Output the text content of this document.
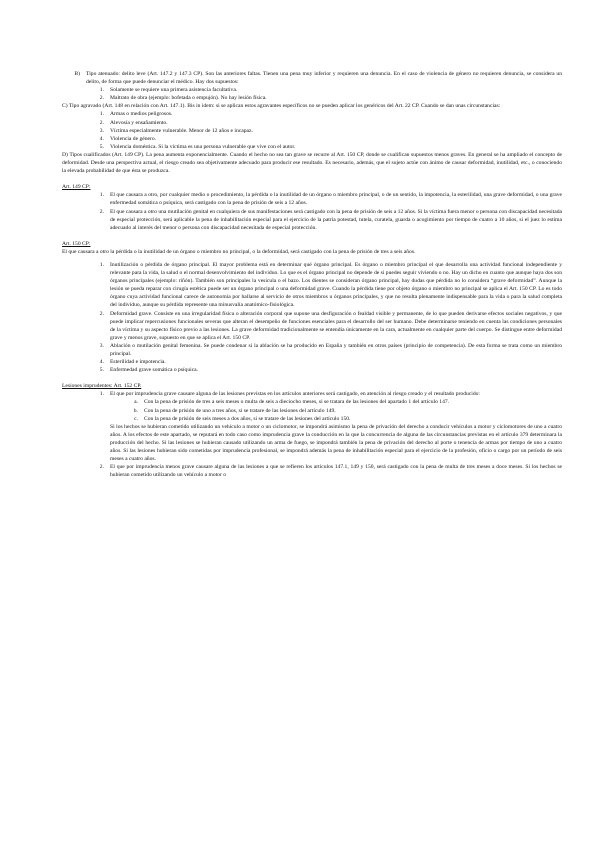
B)	Tipo atenuado: delito leve (Art. 147.2 y 147.3 CP). Son las anteriores faltas. Tienen una pena muy inferior y requieren una denuncia. En el caso de violencia de género no requieren denuncia, se considera un delito, de forma que puede denunciar el médico. Hay dos supuestos:
1.	Solamente se requiere una primera asistencia facultativa.
2.	Maltrato de obra (ejemplo: bofetada o empujón). No hay lesión física.

C) Tipo agravado (Art. 148 en relación con Art. 147.1). Bis in idem: si se aplican estos agravantes específicos no se pueden aplicar los genéricos del Art. 22 CP. Cuando se dan unas circunstancias:

1.	Armas o medios peligrosos.
2.	Alevosía y ensañamiento.
3.	Víctima especialmente vulnerable. Menor de 12 años e incapaz.
4.	Violencia de género.
5.	Violencia doméstica. Si la víctima es una persona vulnerable que vive con el autor.

D) Tipos cualificados (Art. 149 CP). La pena aumenta exponencialmente. Cuando el hecho no sea tan grave se recurre al Art. 150 CP, donde se cualifican supuestos menos graves. En general se ha ampliado el concepto de deformidad. Desde una perspectiva actual, el riesgo creado sea objetivamente adecuado para producir ese resultado. Es necesario, además, que el sujeto actúe con ánimo de causar deformidad, inutilidad, etc., o conociendo la elevada probabilidad de que ésta se produzca.

Art. 149 CP:

1.	El que causara a otro, por cualquier medio o procedimiento, la pérdida o la inutilidad de un órgano o miembro principal, o de un sentido, la impotencia, la esterilidad, una grave deformidad, o una grave enfermedad somática o psíquica, será castigado con la pena de prisión de seis a 12 años.
2.	El que causara a otro una mutilación genital en cualquiera de sus manifestaciones será castigado con la pena de prisión de seis a 12 años. Si la víctima fuera menor o persona con discapacidad necesitada de especial protección, será aplicable la pena de inhabilitación especial para el ejercicio de la patria potestad, tutela, curatela, guarda o acogimiento por tiempo de cuatro a 10 años, si el juez lo estima adecuado al interés del menor o persona con discapacidad necesitada de especial protección.

Art. 150 CP:

El que causara a otro la pérdida o la inutilidad de un órgano o miembro no principal, o la deformidad, será castigado con la pena de prisión de tres a seis años.

1.	Inutilización o pérdida de órgano principal. El mayor problema está en determinar qué órgano principal. Es órgano o miembro principal el que desarrolla una actividad funcional independiente y relevante para la vida, la salud o el normal desenvolvimiento del individuo. Lo que es el órgano principal no depende de si puedes seguir viviendo o no. Hay un dicho en cuanto que aunque haya dos son órganos principales (ejemplo: riñón). También son principales la vesícula o el bazo. Los dientes se consideran órgano principal, hay dudas que pérdida no lo considera “grave deformidad”. Aunque la lesión se pueda reparar con cirugía estética puede ser un órgano principal o una deformidad grave. Cuando la pérdida tiene por objeto órgano o miembro no principal se aplica el Art. 150 CP. Lo es todo órgano cuya actividad funcional carece de autonomía por hallarse al servicio de otros miembros u órganos principales, y que no resulta plenamente indispensable para la vida o para la salud completa del individuo, aunque su pérdida represente una minusvalía anatómico-fisiológica.
2.	Deformidad grave. Consiste en una irregularidad física o alteración corporal que supone una desfiguración o fealdad visible y permanente, de lo que pueden derivarse efectos sociales negativos, y que puede implicar repercusiones funcionales severas que alteran el desempeño de funciones esenciales para el desarrollo del ser humano. Debe determinarse teniendo en cuenta las condiciones personales de la víctima y su aspecto físico previo a las lesiones. La grave deformidad tradicionalmente se entendía únicamente en la cara, actualmente en cualquier parte del cuerpo. Se distingue entre deformidad grave y menos grave, supuesto en que se aplica el Art. 150 CP.
3.	Ablación o mutilación genital femenina. Se puede condenar si la ablación se ha producido en España y también en otros países (principio de competencia). De esta forma se trata como un miembro principal.
4.	Esterilidad e impotencia.
5.	Enfermedad grave somática o psíquica.

Lesiones imprudentes: Art. 152 CP.

1.	El que por imprudencia grave causare alguna de las lesiones previstas en los artículos anteriores será castigado, en atención al riesgo creado y el resultado producido:
a.	Con la pena de prisión de tres a seis meses o multa de seis a dieciocho meses, si se tratara de las lesiones del apartado 1 del artículo 147.
b.	Con la pena de prisión de uno a tres años, si se tratare de las lesiones del artículo 149.
c.	Con la pena de prisión de seis meses a dos años, si se tratare de las lesiones del artículo 150.

Si los hechos se hubieran cometido utilizando un vehículo a motor o un ciclomotor, se impondrá asimismo la pena de privación del derecho a conducir vehículos a motor y ciclomotores de uno a cuatro años. A los efectos de este apartado, se reputará en todo caso como imprudencia grave la conducción en la que la concurrencia de alguna de las circunstancias previstas en el artículo 379 determinara la producción del hecho. Si las lesiones se hubieran causado utilizando un arma de fuego, se impondrá también la pena de privación del derecho al porte o tenencia de armas por tiempo de uno a cuatro años. Si las lesiones hubieran sido cometidas por imprudencia profesional, se impondrá además la pena de inhabilitación especial para el ejercicio de la profesión, oficio o cargo por un período de seis meses a cuatro años.

2.	El que por imprudencia menos grave causare alguna de las lesiones a que se refieren los artículos 147.1, 149 y 150, será castigado con la pena de multa de tres meses a doce meses. Si los hechos se hubieran cometido utilizando un vehículo a motor o
